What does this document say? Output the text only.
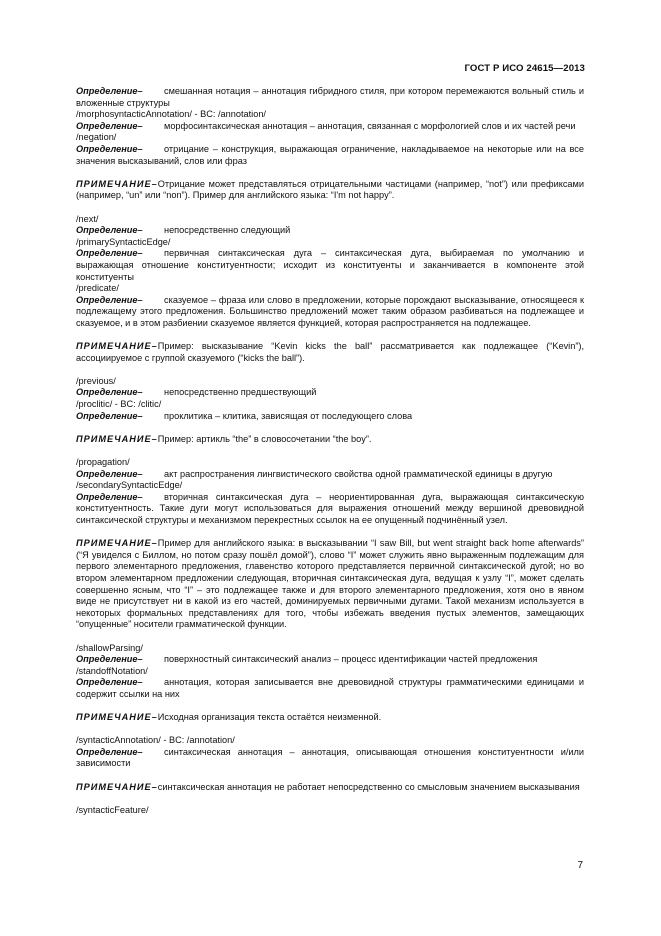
ГОСТ Р ИСО 24615—2013

Определение– смешанная нотация – аннотация гибридного стиля, при котором перемежаются вольный стиль и вложенные структуры

/morphosyntacticAnnotation/ - BC: /annotation/

Определение– морфосинтаксическая аннотация – аннотация, связанная с морфологией слов и их частей речи

/negation/

Определение– отрицание – конструкция, выражающая ограничение, накладываемое на некоторые или на все значения высказываний, слов или фраз

ПРИМЕЧАНИЕ–Отрицание может представляться отрицательными частицами (например, “not”) или префиксами (например, “un” или “non”). Пример для английского языка: “I'm not happy”.

/next/

Определение– непосредственно следующий

/primarySyntacticEdge/

Определение– первичная синтаксическая дуга – синтаксическая дуга, выбираемая по умолчанию и выражающая отношение конституентности; исходит из конституенты и заканчивается в компоненте этой конституенты

/predicate/

Определение– сказуемое – фраза или слово в предложении, которые порождают высказывание, относящееся к подлежащему этого предложения. Большинство предложений может таким образом разбиваться на подлежащее и сказуемое, и в этом разбиении сказуемое является функцией, которая распространяется на подлежащее.

ПРИМЕЧАНИЕ–Пример: высказывание “Kevin kicks the ball” рассматривается как подлежащее (“Kevin”), ассоциируемое с группой сказуемого (“kicks the ball”).

/previous/

Определение– непосредственно предшествующий

/proclitic/ - BC: /clitic/

Определение– проклитика – клитика, зависящая от последующего слова

ПРИМЕЧАНИЕ–Пример: артикль “the” в словосочетании “the boy”.

/propagation/

Определение– акт распространения лингвистического свойства одной грамматической единицы в другую

/secondarySyntacticEdge/

Определение– вторичная синтаксическая дуга – неориентированная дуга, выражающая синтаксическую конституентность. Такие дуги могут использоваться для выражения отношений между вершиной древовидной синтаксической структуры и механизмом перекрестных ссылок на ее опущенный подчинённый узел.

ПРИМЕЧАНИЕ–Пример для английского языка: в высказывании “I saw Bill, but went straight back home afterwards” (“Я увиделся с Биллом, но потом сразу пошёл домой”), слово “I” может служить явно выраженным подлежащим для первого элементарного предложения, главенство которого представляется первичной синтаксической дугой; но во втором элементарном предложении следующая, вторичная синтаксическая дуга, ведущая к узлу “I”, может сделать совершенно ясным, что “I” – это подлежащее также и для второго элементарного предложения, хотя оно в явном виде не присутствует ни в какой из его частей, доминируемых первичными дугами. Такой механизм используется в некоторых формальных представлениях для того, чтобы избежать введения пустых элементов, замещающих “опущенные” носители грамматической функции.

/shallowParsing/

Определение– поверхностный синтаксический анализ – процесс идентификации частей предложения

/standoffNotation/

Определение– аннотация, которая записывается вне древовидной структуры грамматическими единицами и содержит ссылки на них

ПРИМЕЧАНИЕ–Исходная организация текста остаётся неизменной.

/syntacticAnnotation/ - BC: /annotation/

Определение– синтаксическая аннотация – аннотация, описывающая отношения конституентности и/или зависимости

ПРИМЕЧАНИЕ–синтаксическая аннотация не работает непосредственно со смысловым значением высказывания

/syntacticFeature/

7
